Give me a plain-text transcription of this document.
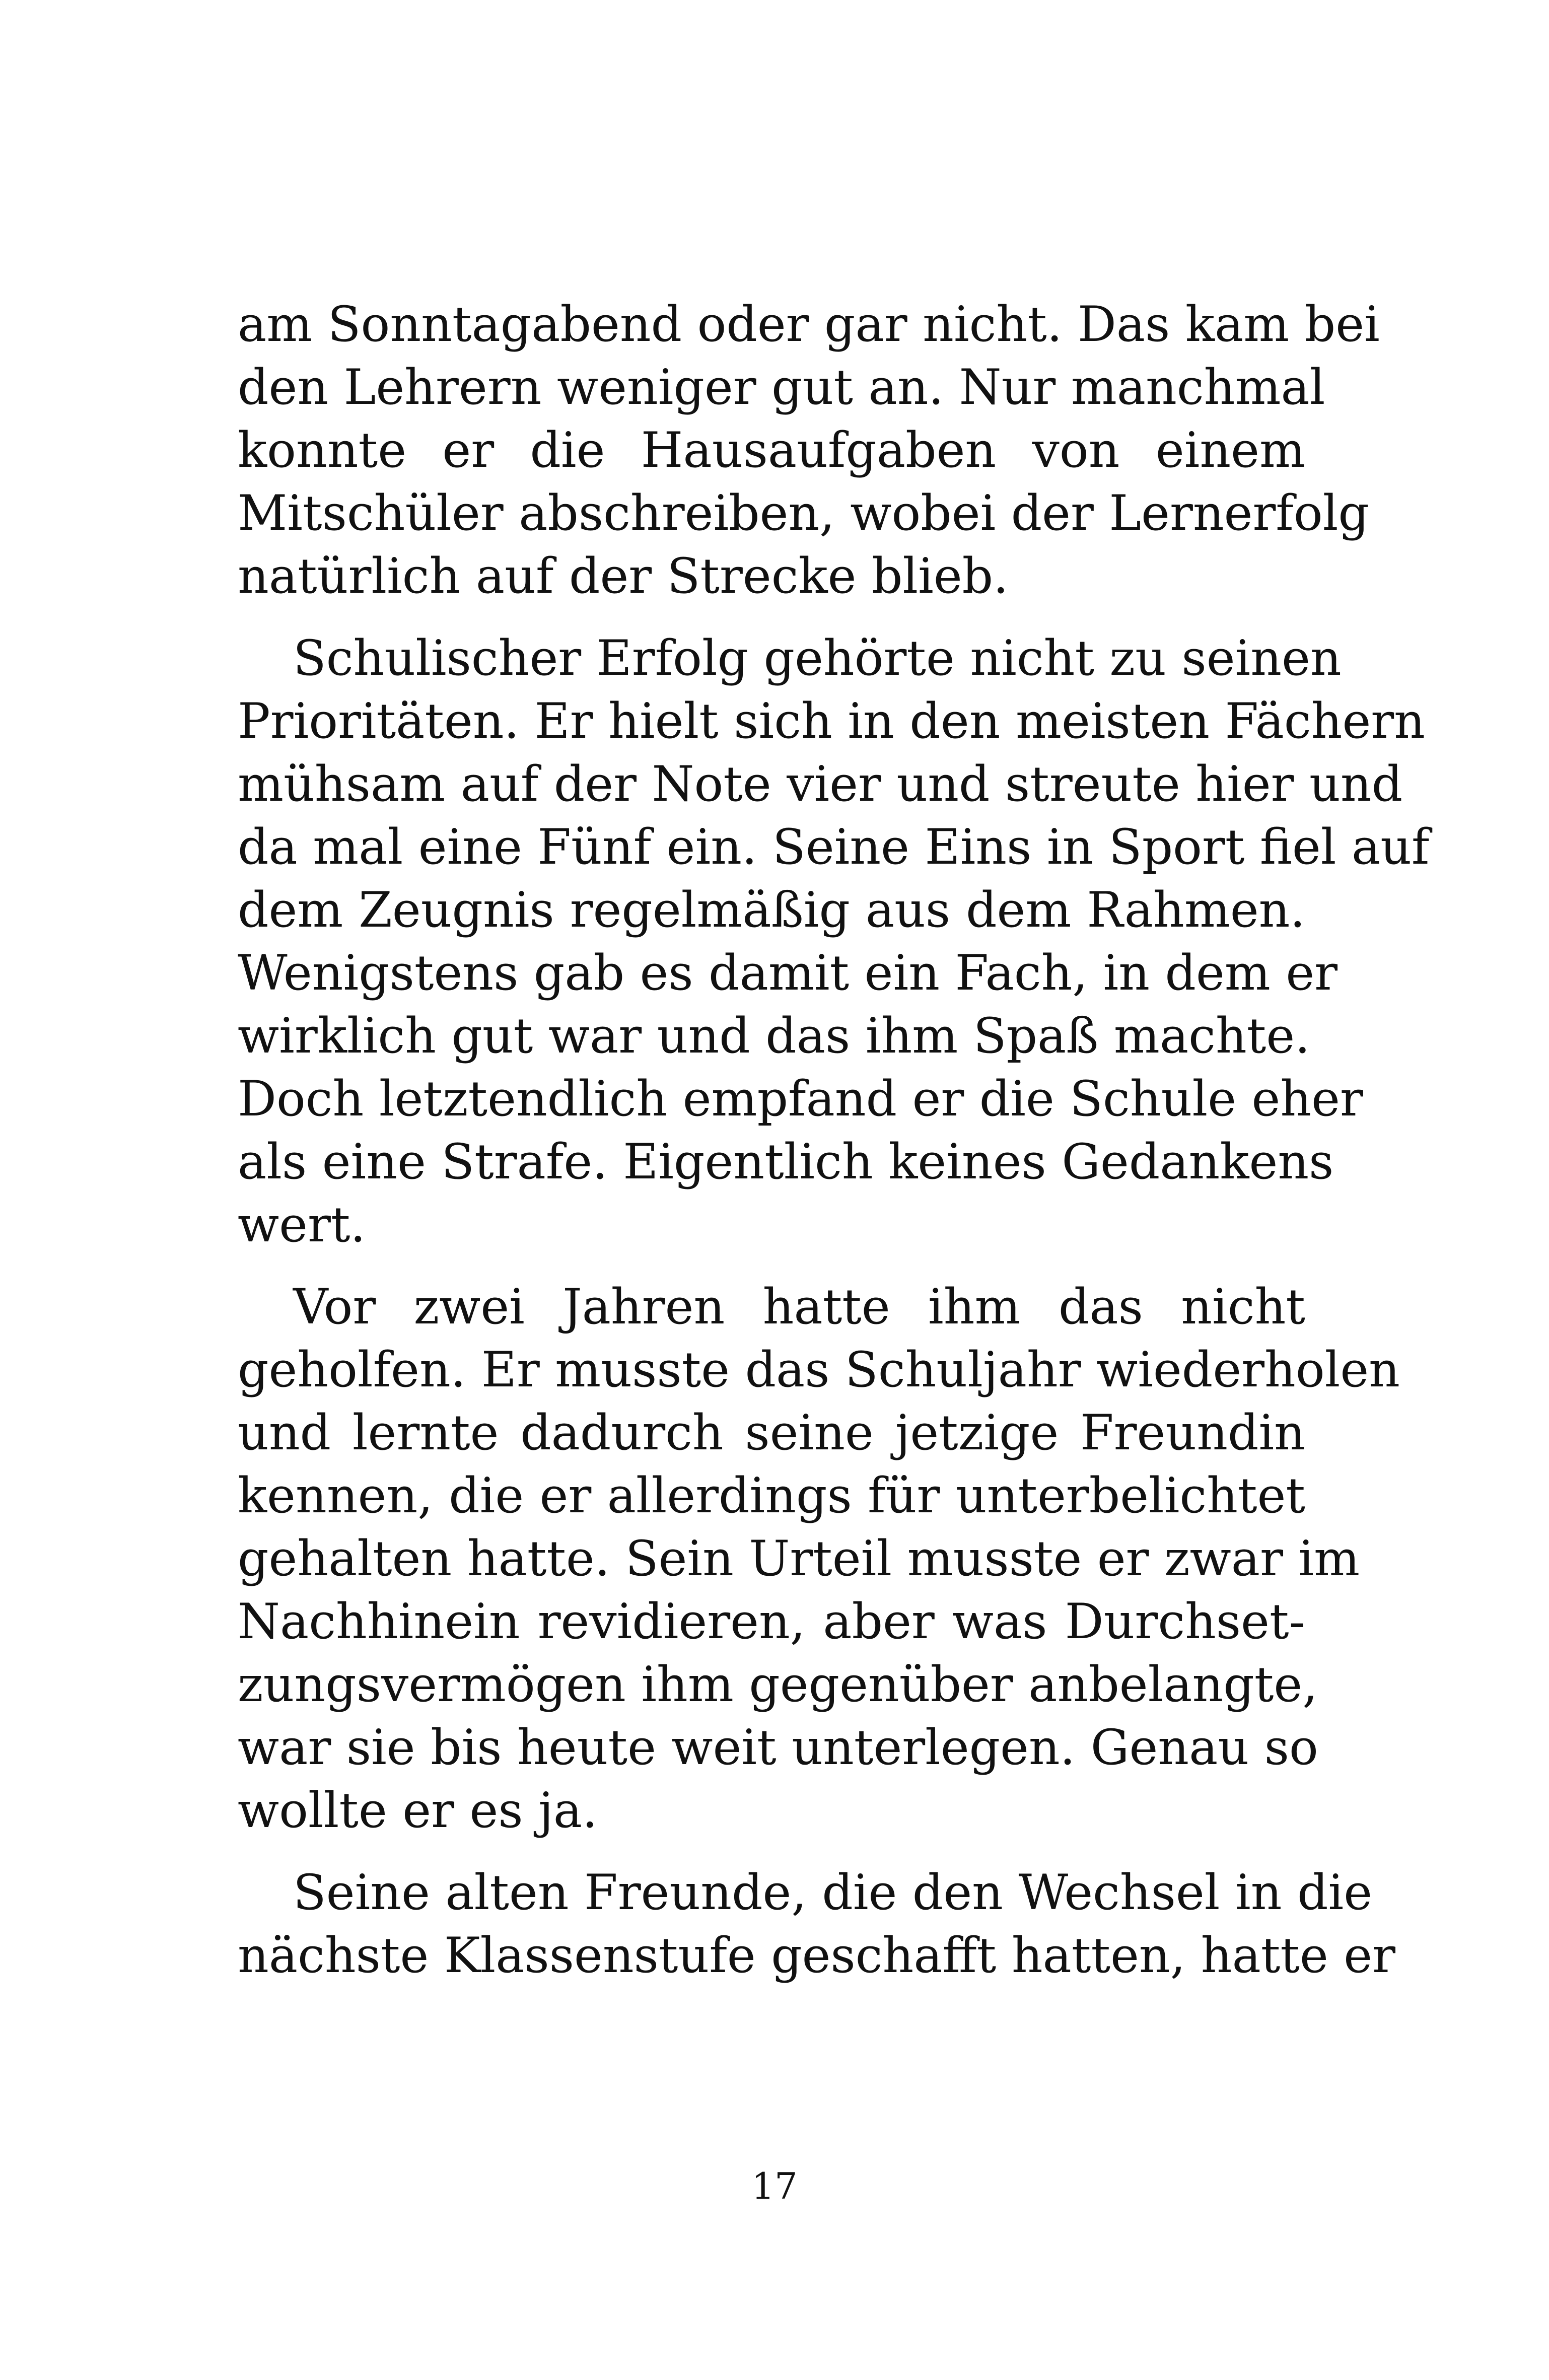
am Sonntagabend oder gar nicht. Das kam bei
den Lehrern weniger gut an. Nur manchmal
konnte er die Hausaufgaben von einem
Mitschüler abschreiben, wobei der Lernerfolg
natürlich auf der Strecke blieb.
Schulischer Erfolg gehörte nicht zu seinen
Prioritäten. Er hielt sich in den meisten Fächern
mühsam auf der Note vier und streute hier und
da mal eine Fünf ein. Seine Eins in Sport fiel auf
dem Zeugnis regelmäßig aus dem Rahmen.
Wenigstens gab es damit ein Fach, in dem er
wirklich gut war und das ihm Spaß machte.
Doch letztendlich empfand er die Schule eher
als eine Strafe. Eigentlich keines Gedankens
wert.
Vor zwei Jahren hatte ihm das nicht
geholfen. Er musste das Schuljahr wiederholen
und lernte dadurch seine jetzige Freundin
kennen, die er allerdings für unterbelichtet
gehalten hatte. Sein Urteil musste er zwar im
Nachhinein revidieren, aber was Durchset-
zungsvermögen ihm gegenüber anbelangte,
war sie bis heute weit unterlegen. Genau so
wollte er es ja.
Seine alten Freunde, die den Wechsel in die
nächste Klassenstufe geschafft hatten, hatte er
17
